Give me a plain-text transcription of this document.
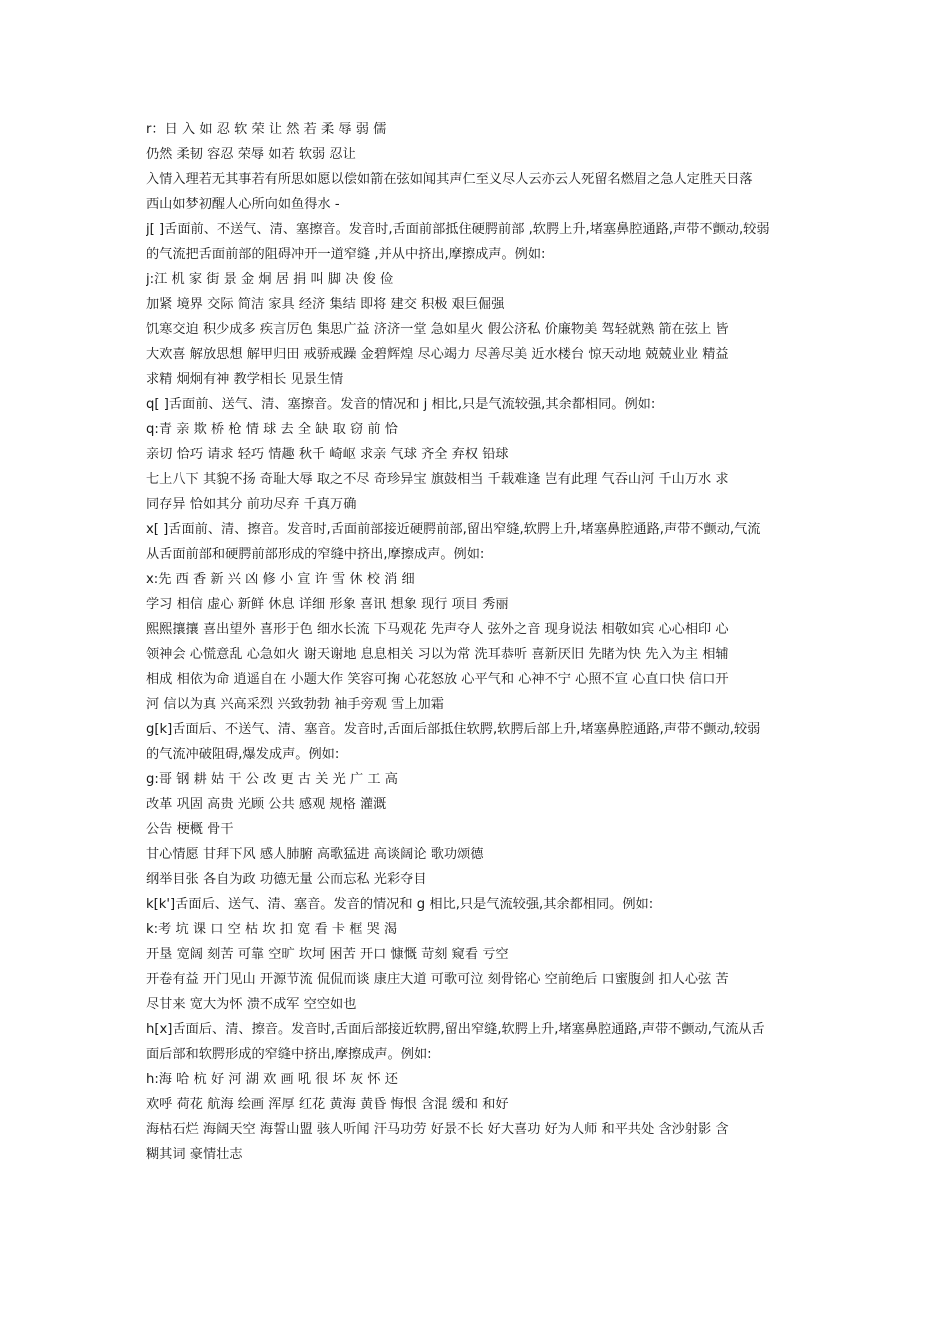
r：日 入 如 忍 软 荣 让 然 若 柔 辱 弱 儒
仍然 柔韧 容忍 荣辱 如若 软弱 忍让
入情入理若无其事若有所思如愿以偿如箭在弦如闻其声仁至义尽人云亦云人死留名燃眉之急人定胜天日落
西山如梦初醒人心所向如鱼得水 -
j[ ]舌面前、不送气、清、塞擦音。发音时,舌面前部抵住硬腭前部 ,软腭上升,堵塞鼻腔通路,声带不颤动,较弱
的气流把舌面前部的阻碍冲开一道窄缝 ,并从中挤出,摩擦成声。例如:
j:江 机 家 街 景 金 炯 居 捐 叫 脚 决 俊 俭
加紧 境界 交际 简洁 家具 经济 集结 即将 建交 积极 艰巨倔强
饥寒交迫 积少成多 疾言厉色 集思广益 济济一堂 急如星火 假公济私 价廉物美 驾轻就熟 箭在弦上 皆
大欢喜 解放思想 解甲归田 戒骄戒躁 金碧辉煌 尽心竭力 尽善尽美 近水楼台 惊天动地 兢兢业业 精益
求精 炯炯有神 教学相长 见景生情
q[ ]舌面前、送气、清、塞擦音。发音的情况和 j 相比,只是气流较强,其余都相同。例如:
q:青 亲 欺 桥 枪 情 球 去 全 缺 取 窃 前 恰
亲切 恰巧 请求 轻巧 情趣 秋千 崎岖 求亲 气球 齐全 弃权 铅球
七上八下 其貌不扬 奇耻大辱 取之不尽 奇珍异宝 旗鼓相当 千载难逢 岂有此理 气吞山河 千山万水 求
同存异 恰如其分 前功尽弃 千真万确
x[ ]舌面前、清、擦音。发音时,舌面前部接近硬腭前部,留出窄缝,软腭上升,堵塞鼻腔通路,声带不颤动,气流
从舌面前部和硬腭前部形成的窄缝中挤出,摩擦成声。例如:
x:先 西 香 新 兴 凶 修 小 宣 许 雪 休 校 消 细
学习 相信 虚心 新鲜 休息 详细 形象 喜讯 想象 现行 项目 秀丽
熙熙攘攘 喜出望外 喜形于色 细水长流 下马观花 先声夺人 弦外之音 现身说法 相敬如宾 心心相印 心
领神会 心慌意乱 心急如火 谢天谢地 息息相关 习以为常 洗耳恭听 喜新厌旧 先睹为快 先入为主 相辅
相成 相依为命 逍遥自在 小题大作 笑容可掬 心花怒放 心平气和 心神不宁 心照不宣 心直口快 信口开
河 信以为真 兴高采烈 兴致勃勃 袖手旁观 雪上加霜
g[k]舌面后、不送气、清、塞音。发音时,舌面后部抵住软腭,软腭后部上升,堵塞鼻腔通路,声带不颤动,较弱
的气流冲破阻碍,爆发成声。例如:
g:哥 钢 耕 姑 干 公 改 更 古 关 光 广 工 高
改革 巩固 高贵 光顾 公共 感观 规格 灌溉
公告 梗概 骨干
甘心情愿 甘拜下风 感人肺腑 高歌猛进 高谈阔论 歌功颂德
纲举目张 各自为政 功德无量 公而忘私 光彩夺目
k[k']舌面后、送气、清、塞音。发音的情况和 g 相比,只是气流较强,其余都相同。例如:
k:考 坑 课 口 空 枯 坎 扣 宽 看 卡 框 哭 渴
开垦 宽阔 刻苦 可靠 空旷 坎坷 困苦 开口 慷慨 苛刻 窥看 亏空
开卷有益 开门见山 开源节流 侃侃而谈 康庄大道 可歌可泣 刻骨铭心 空前绝后 口蜜腹剑 扣人心弦 苦
尽甘来 宽大为怀 溃不成军 空空如也
h[x]舌面后、清、擦音。发音时,舌面后部接近软腭,留出窄缝,软腭上升,堵塞鼻腔通路,声带不颤动,气流从舌
面后部和软腭形成的窄缝中挤出,摩擦成声。例如:
h:海 哈 杭 好 河 湖 欢 画 吼 很 坏 灰 怀 还
欢呼 荷花 航海 绘画 浑厚 红花 黄海 黄昏 悔恨 含混 缓和 和好
海枯石烂 海阔天空 海誓山盟 骇人听闻 汗马功劳 好景不长 好大喜功 好为人师 和平共处 含沙射影 含
糊其词 豪情壮志
